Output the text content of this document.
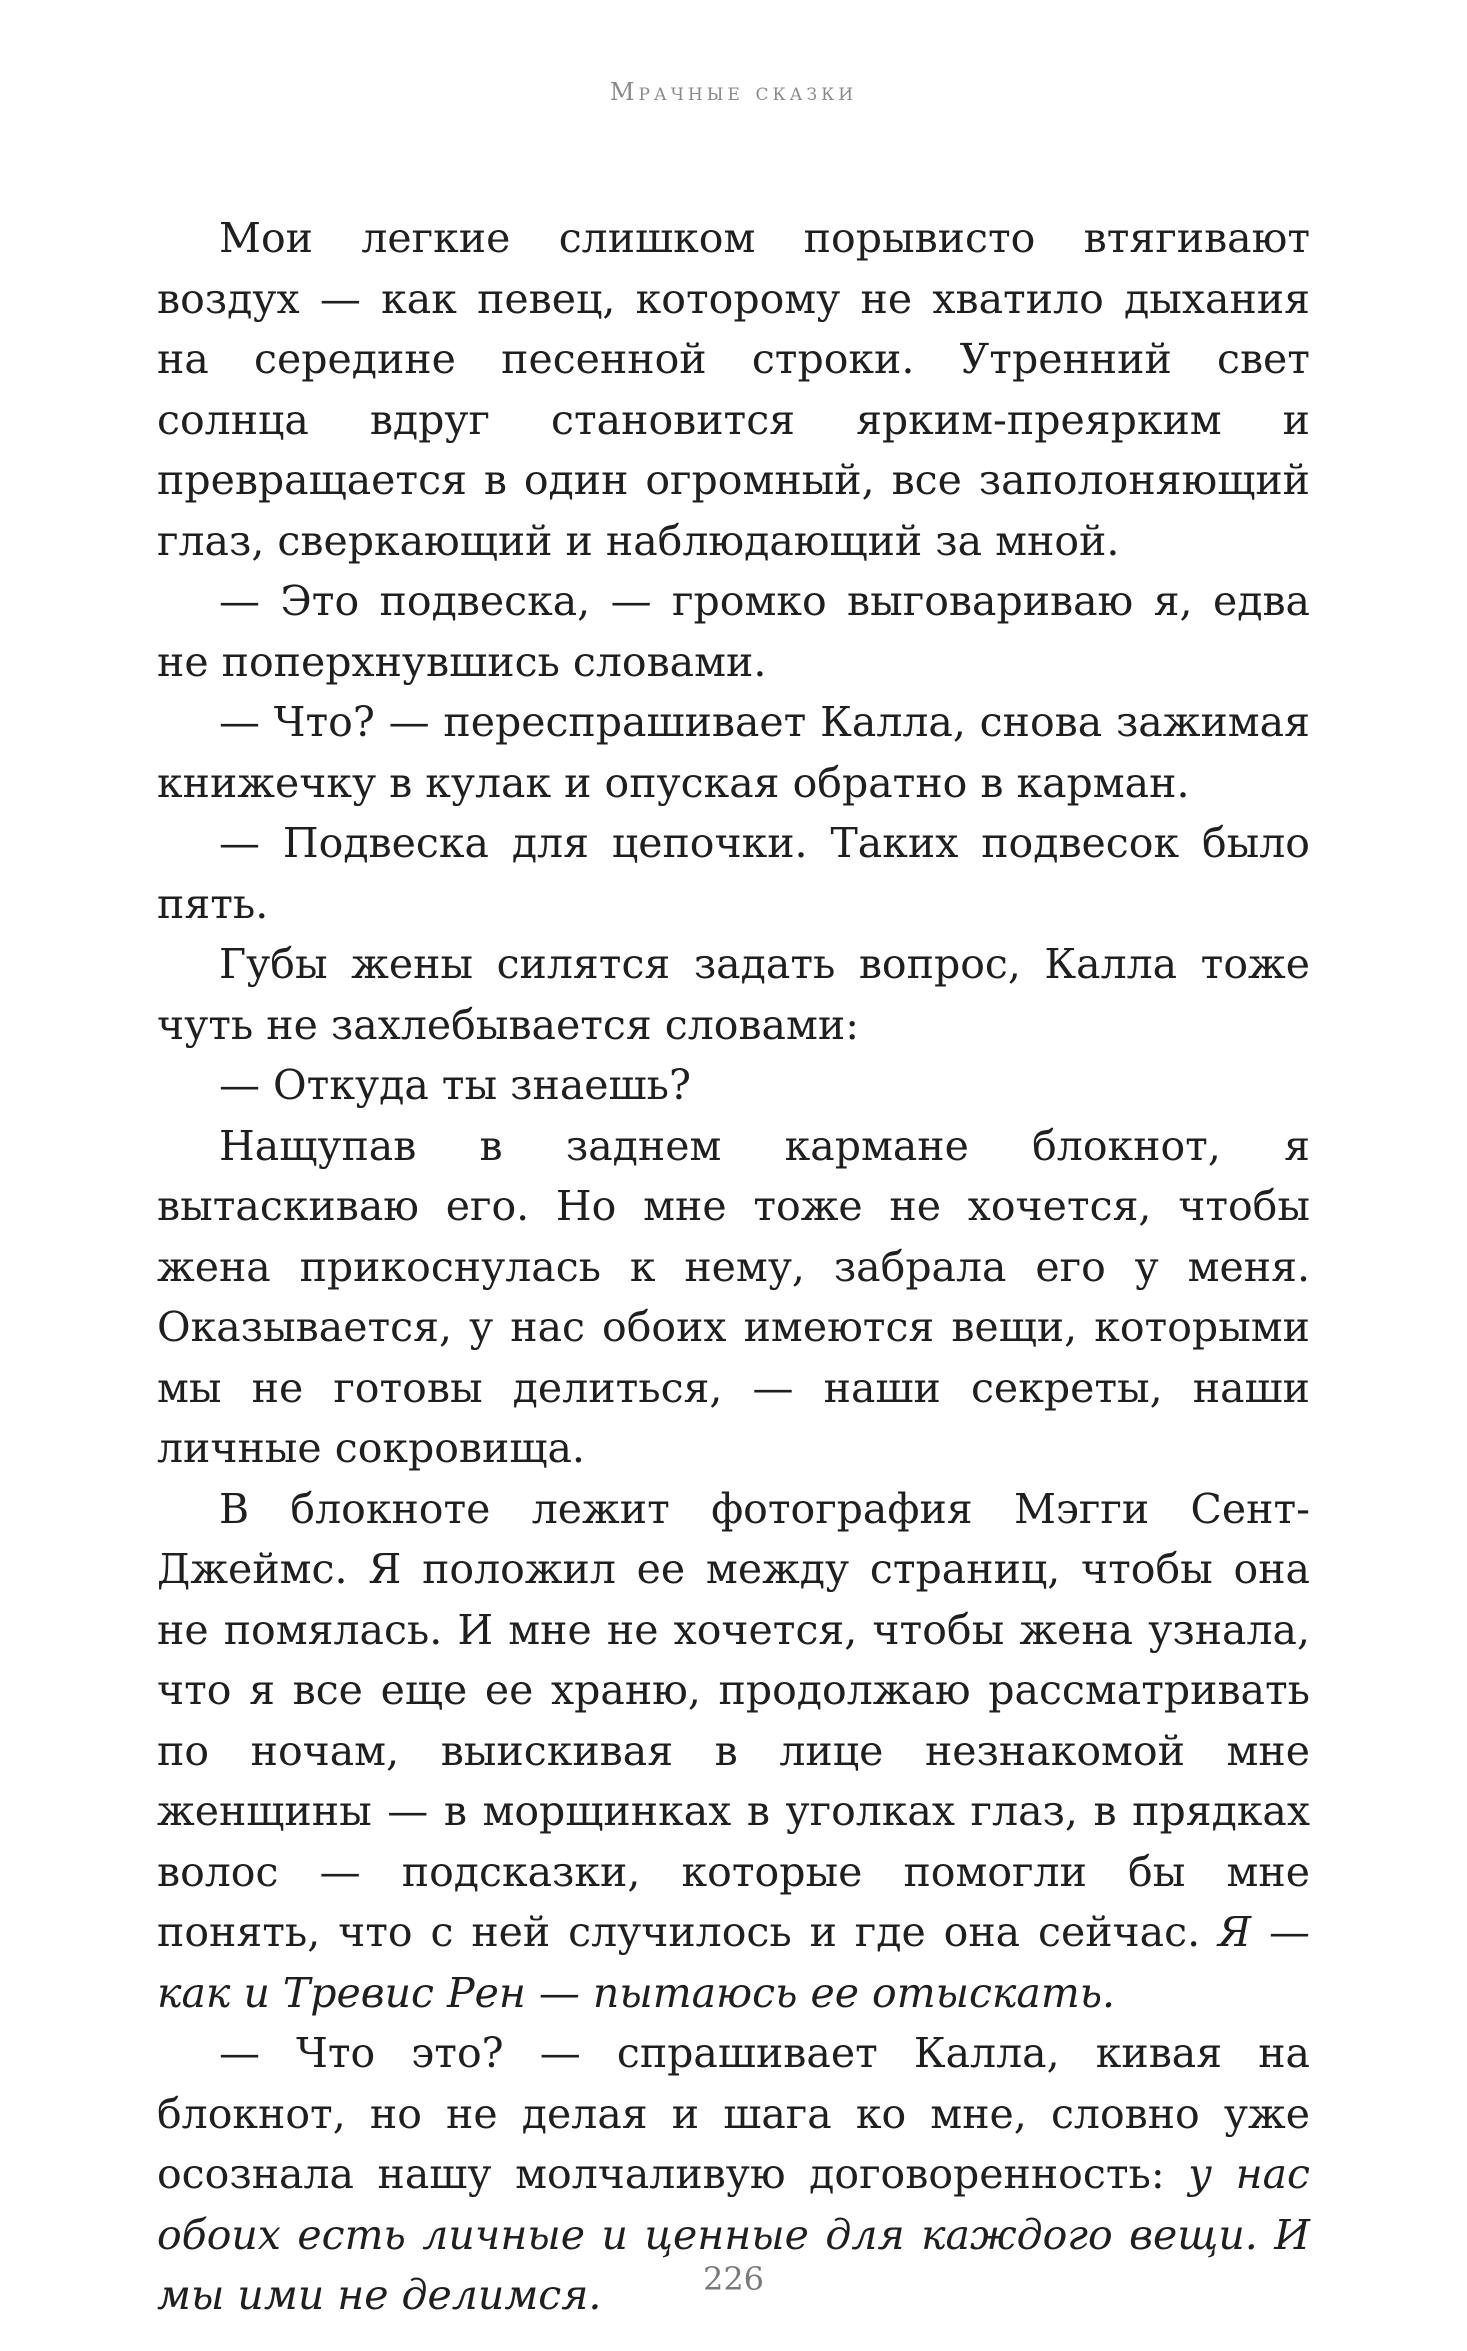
Мрачные сказки

Мои легкие слишком порывисто втягивают воздух — как певец, которому не хватило дыхания на середине песенной строки. Утренний свет солнца вдруг становится ярким-преярким и превращается в один огромный, все заполоняющий глаз, сверкающий и наблюдающий за мной.

— Это подвеска, — громко выговариваю я, едва не поперхнувшись словами.

— Что? — переспрашивает Калла, снова зажимая книжечку в кулак и опуская обратно в карман.

— Подвеска для цепочки. Таких подвесок было пять.

Губы жены силятся задать вопрос, Калла тоже чуть не захлебывается словами:

— Откуда ты знаешь?

Нащупав в заднем кармане блокнот, я вытаскиваю его. Но мне тоже не хочется, чтобы жена прикоснулась к нему, забрала его у меня. Оказывается, у нас обоих имеются вещи, которыми мы не готовы делиться, — наши секреты, наши личные сокровища.

В блокноте лежит фотография Мэгги Сент-Джеймс. Я положил ее между страниц, чтобы она не помялась. И мне не хочется, чтобы жена узнала, что я все еще ее храню, продолжаю рассматривать по ночам, выискивая в лице незнакомой мне женщины — в морщинках в уголках глаз, в прядках волос — подсказки, которые помогли бы мне понять, что с ней случилось и где она сейчас. Я — как и Тревис Рен — пытаюсь ее отыскать.

— Что это? — спрашивает Калла, кивая на блокнот, но не делая и шага ко мне, словно уже осознала нашу молчаливую договоренность: у нас обоих есть личные и ценные для каждого вещи. И мы ими не делимся.	226
